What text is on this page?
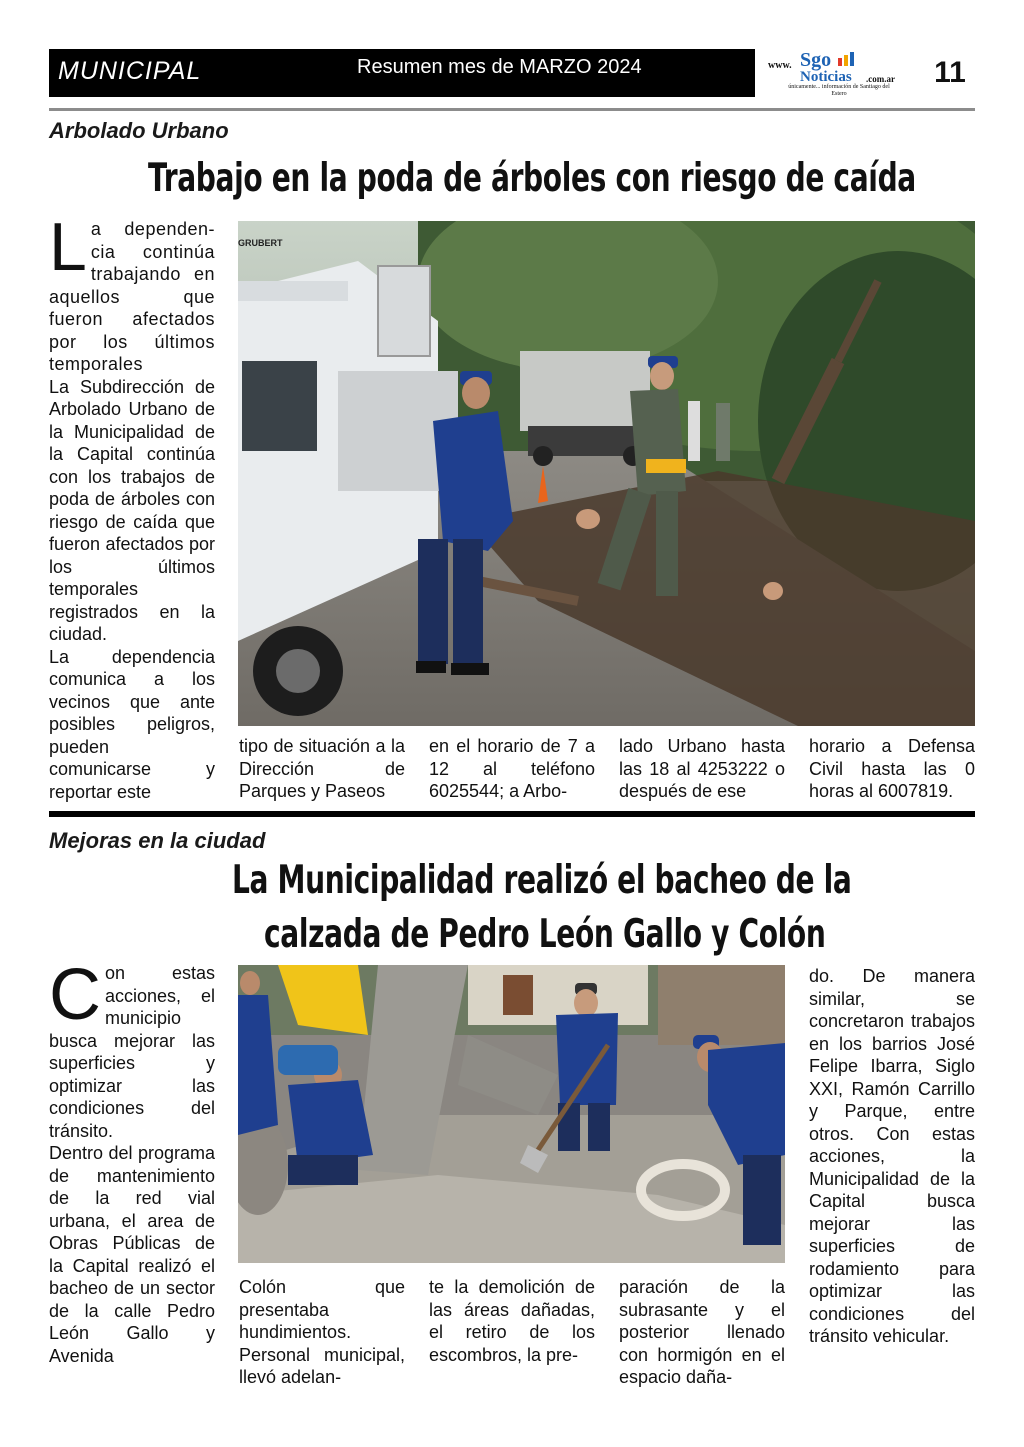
MUNICIPAL	Resumen mes de MARZO 2024	www. Sgo
Noticias .com.ar
únicamente... información de Santiago del Estero
11
Arbolado Urbano
Trabajo en la poda de árboles con riesgo de caída

La dependen-cia continúa trabajando en aquellos que fueron afectados por los últimos temporales

La Subdirección de Arbolado Urbano de la Municipalidad de la Capital continúa con los trabajos de poda de árboles con riesgo de caída que fueron afectados por los últimos temporales registrados en la ciudad.

La dependencia comunica a los vecinos que ante posibles peligros, pueden comunicarse y reportar este

GRUBERT
tipo de situación a la Dirección de Parques y Paseos
en el horario de 7 a 12 al teléfono 6025544; a Arbo-
lado Urbano hasta las 18 al 4253222 o después de ese
horario a Defensa Civil hasta las 0 horas al 6007819.
Mejoras en la ciudad
La Municipalidad realizó el bacheo de la
calzada de Pedro León Gallo y Colón

Con estas acciones, el municipio busca mejorar las superficies y optimizar las condiciones del tránsito.

Dentro del programa de mantenimiento de la red vial urbana, el area de Obras Públicas de la Capital realizó el bacheo de un sector de la calle Pedro León Gallo y Avenida

Colón que presentaba hundimientos. Personal municipal, llevó adelan-
te la demolición de las áreas dañadas, el retiro de los escombros, la pre-
paración de la subrasante y el posterior llenado con hormigón en el espacio daña-
do. De manera similar, se concretaron trabajos en los barrios José Felipe Ibarra, Siglo XXI, Ramón Carrillo y Parque, entre otros. Con estas acciones, la Municipalidad de la Capital busca mejorar las superficies de rodamiento para optimizar las condiciones del tránsito vehicular.
